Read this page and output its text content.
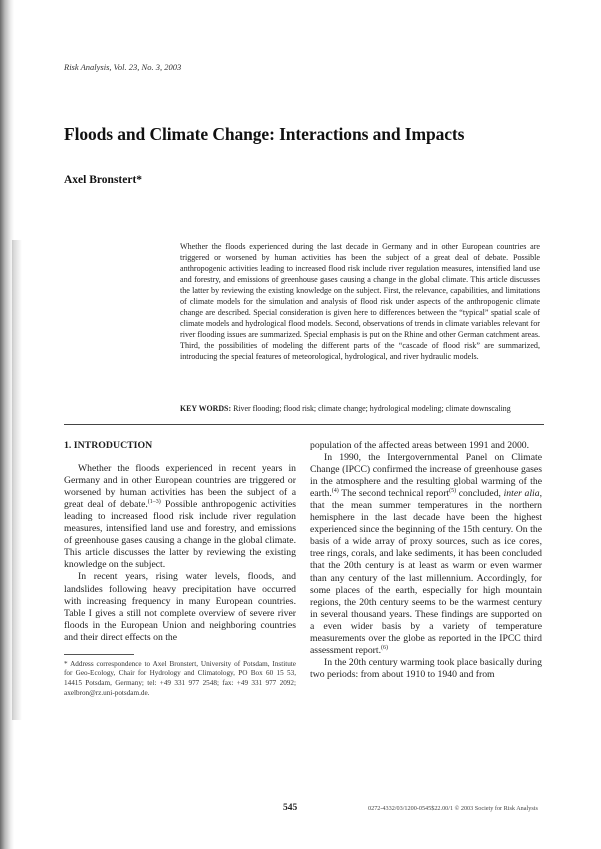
Risk Analysis, Vol. 23, No. 3, 2003
Floods and Climate Change: Interactions and Impacts
Axel Bronstert*
Whether the floods experienced during the last decade in Germany and in other European countries are triggered or worsened by human activities has been the subject of a great deal of debate. Possible anthropogenic activities leading to increased flood risk include river regulation measures, intensified land use and forestry, and emissions of greenhouse gases causing a change in the global climate. This article discusses the latter by reviewing the existing knowledge on the subject. First, the relevance, capabilities, and limitations of climate models for the simulation and analysis of flood risk under aspects of the anthropogenic climate change are described. Special consideration is given here to differences between the “typical” spatial scale of climate models and hydrological flood models. Second, observations of trends in climate variables relevant for river flooding issues are summarized. Special emphasis is put on the Rhine and other German catchment areas. Third, the possibilities of modeling the different parts of the “cascade of flood risk” are summarized, introducing the special features of meteorological, hydrological, and river hydraulic models.
KEY WORDS: River flooding; flood risk; climate change; hydrological modeling; climate downscaling
1. INTRODUCTION

Whether the floods experienced in recent years in Germany and in other European countries are triggered or worsened by human activities has been the subject of a great deal of debate.$^{(1-3)}$ Possible anthropogenic activities leading to increased flood risk include river regulation measures, intensified land use and forestry, and emissions of greenhouse gases causing a change in the global climate. This article discusses the latter by reviewing the existing knowledge on the subject.

In recent years, rising water levels, floods, and landslides following heavy precipitation have occurred with increasing frequency in many European countries. Table I gives a still not complete overview of severe river floods in the European Union and neighboring countries and their direct effects on the

* Address correspondence to Axel Bronstert, University of Potsdam, Institute for Geo-Ecology, Chair for Hydrology and Climatology, PO Box 60 15 53, 14415 Potsdam, Germany; tel: +49 331 977 2548; fax: +49 331 977 2092; axelbron@rz.uni-potsdam.de.

population of the affected areas between 1991 and 2000.

In 1990, the Intergovernmental Panel on Climate Change (IPCC) confirmed the increase of greenhouse gases in the atmosphere and the resulting global warming of the earth.$^{(4)}$ The second technical report$^{(5)}$ concluded, inter alia, that the mean summer temperatures in the northern hemisphere in the last decade have been the highest experienced since the beginning of the 15th century. On the basis of a wide array of proxy sources, such as ice cores, tree rings, corals, and lake sediments, it has been concluded that the 20th century is at least as warm or even warmer than any century of the last millennium. Accordingly, for some places of the earth, especially for high mountain regions, the 20th century seems to be the warmest century in several thousand years. These findings are supported on a even wider basis by a variety of temperature measurements over the globe as reported in the IPCC third assessment report.$^{(6)}$

In the 20th century warming took place basically during two periods: from about 1910 to 1940 and from

545	0272-4332/03/1200-0545$22.00/1 © 2003 Society for Risk Analysis
